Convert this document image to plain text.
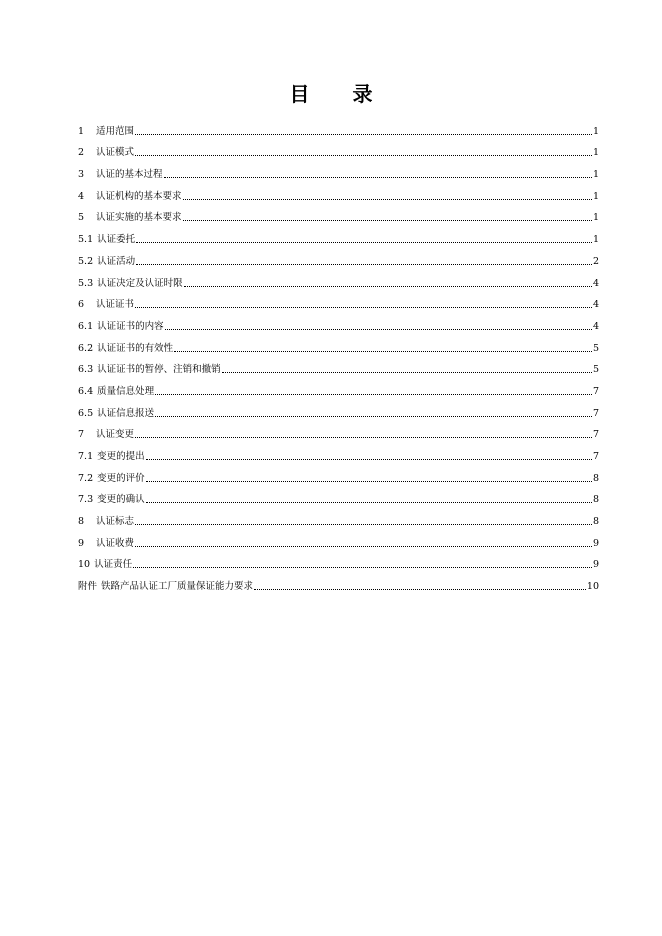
目 录
1	适用范围	1
2	认证模式	1
3	认证的基本过程	1
4	认证机构的基本要求	1
5	认证实施的基本要求	1
5.1 认证委托	1
5.2 认证活动	2
5.3 认证决定及认证时限	4
6	认证证书	4
6.1 认证证书的内容	4
6.2 认证证书的有效性	5
6.3 认证证书的暂停、注销和撤销	5
6.4 质量信息处理	7
6.5 认证信息报送	7
7	认证变更	7
7.1 变更的提出	7
7.2 变更的评价	8
7.3 变更的确认	8
8	认证标志	8
9	认证收费	9
10 认证责任	9
附件 铁路产品认证工厂质量保证能力要求	10
